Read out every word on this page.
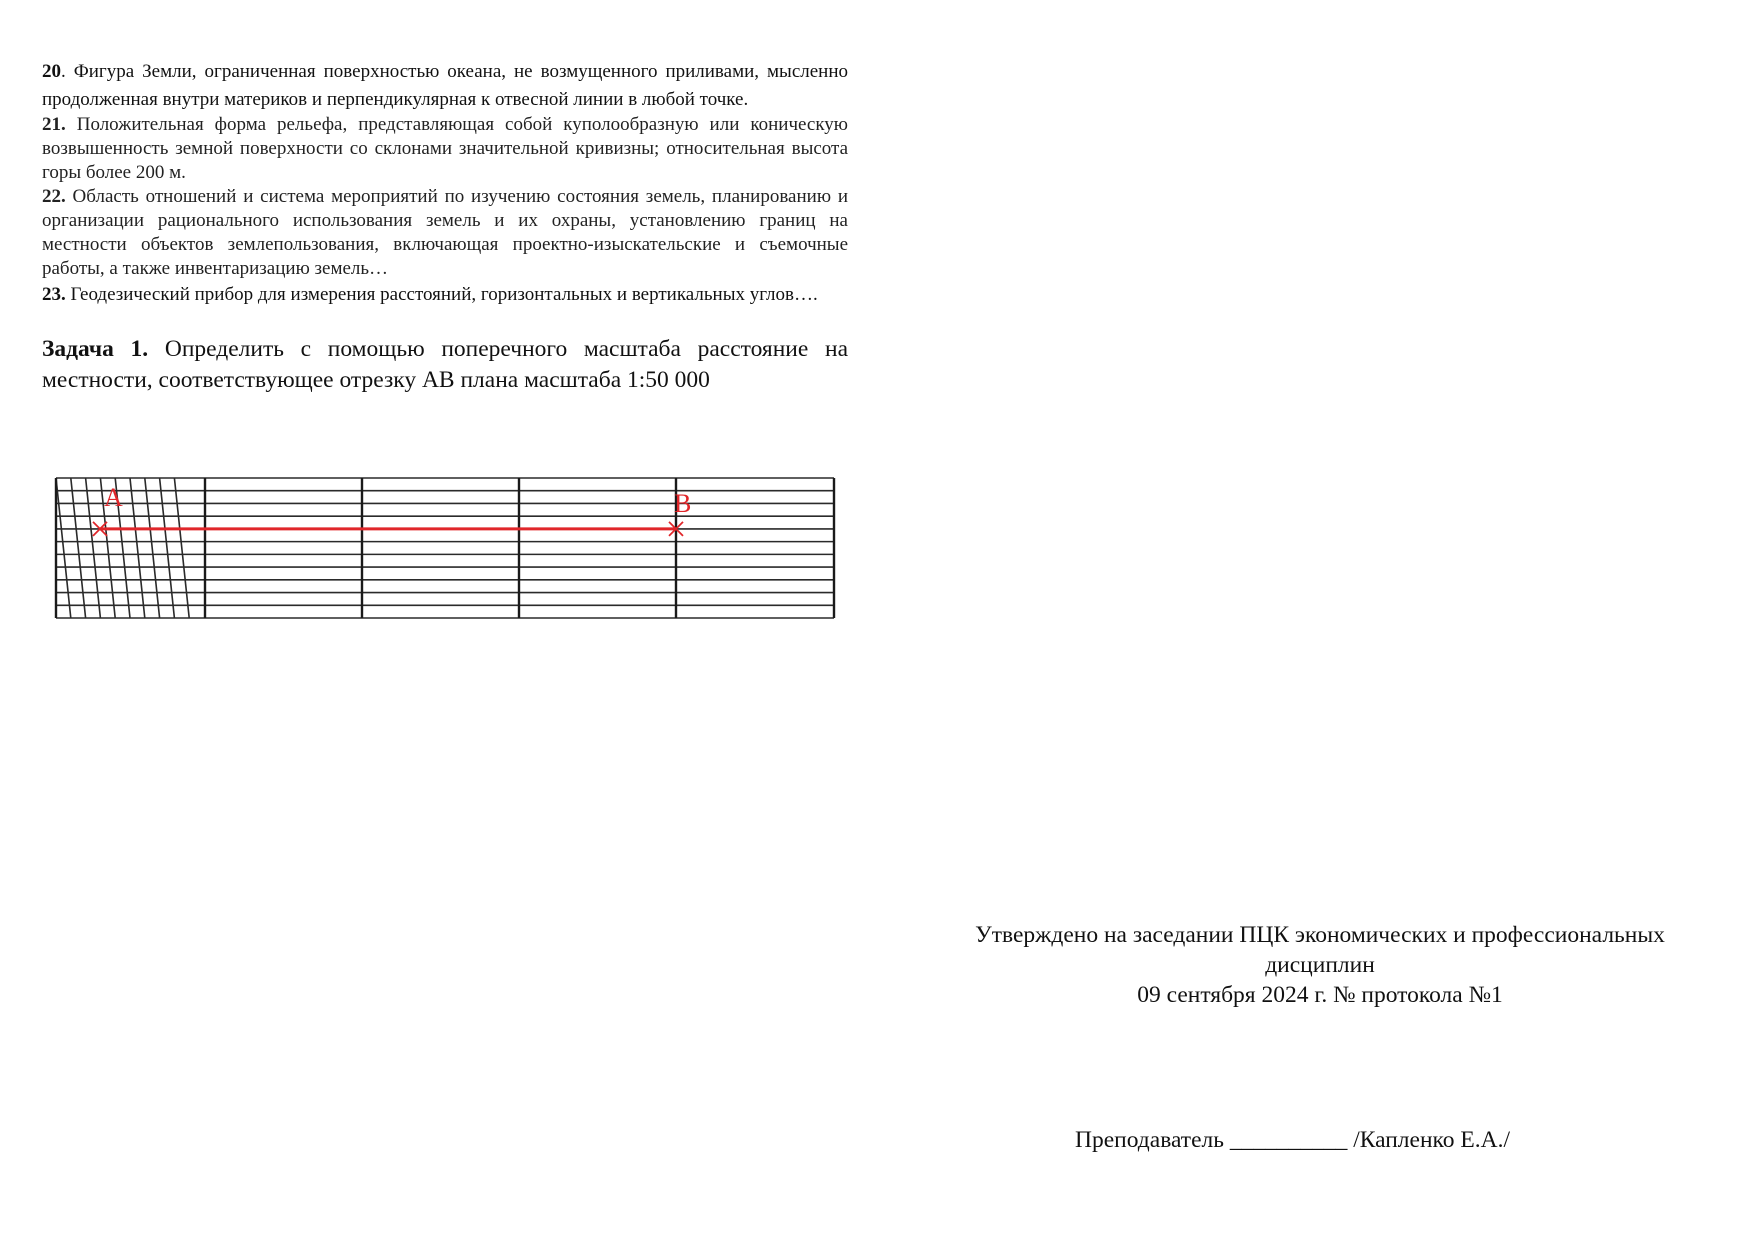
20. Фигура Земли, ограниченная поверхностью океана, не возмущенного приливами, мысленно продолженная внутри материков и перпендикулярная к отвесной линии в любой точке.

21. Положительная форма рельефа, представляющая собой куполообразную или коническую возвышенность земной поверхности со склонами значительной кривизны; относительная высота горы более 200 м.

22. Область отношений и система мероприятий по изучению состояния земель, планированию и организации рационального использования земель и их охраны, установлению границ на местности объектов землепользования, включающая проектно-изыскательские и съемочные работы, а также инвентаризацию земель…

23. Геодезический прибор для измерения расстояний, горизонтальных и вертикальных углов….

Задача 1. Определить с помощью поперечного масштаба расстояние на местности, соответствующее отрезку АВ плана масштаба 1:50 000

А	В
Утверждено на заседании ПЦК экономических и профессиональных
дисциплин
09 сентября 2024 г. № протокола №1
Преподаватель __________ /Капленко Е.А./
